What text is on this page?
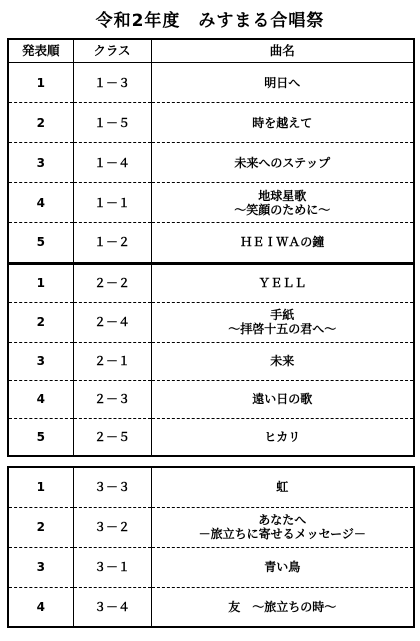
令和2年度　みすまる合唱祭
発表順	クラス	曲名
1	１－３	明日へ
2	１－５	時を越えて
3	１－４	未来へのステップ
4	１－１	地球星歌
～笑顔のために～
5	１－２	ＨＥＩＷＡの鐘
1	２－２	ＹＥＬＬ
2	２－４	手紙
～拝啓十五の君へ～
3	２－１	未来
4	２－３	遠い日の歌
5	２－５	ヒカリ
1	３－３	虹
2	３－２	あなたへ
－旅立ちに寄せるメッセージ－
3	３－１	青い鳥
4	３－４	友　～旅立ちの時～
